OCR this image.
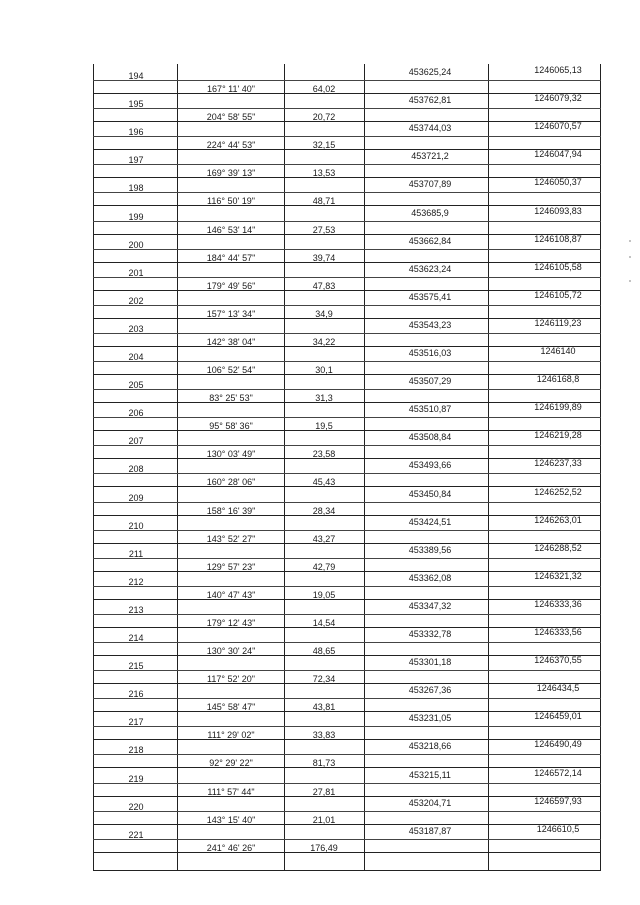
194	453625,24	1246065,13
167° 11' 40"	64,02
195	453762,81	1246079,32
204° 58' 55"	20,72
196	453744,03	1246070,57
224° 44' 53"	32,15
197	453721,2	1246047,94
169° 39' 13"	13,53
198	453707,89	1246050,37
116° 50' 19"	48,71
199	453685,9	1246093,83
146° 53' 14"	27,53
200	453662,84	1246108,87
184° 44' 57"	39,74
201	453623,24	1246105,58
179° 49' 56"	47,83
202	453575,41	1246105,72
157° 13' 34"	34,9
203	453543,23	1246119,23
142° 38' 04"	34,22
204	453516,03	1246140
106° 52' 54"	30,1
205	453507,29	1246168,8
83° 25' 53"	31,3
206	453510,87	1246199,89
95° 58' 36"	19,5
207	453508,84	1246219,28
130° 03' 49"	23,58
208	453493,66	1246237,33
160° 28' 06"	45,43
209	453450,84	1246252,52
158° 16' 39"	28,34
210	453424,51	1246263,01
143° 52' 27"	43,27
211	453389,56	1246288,52
129° 57' 23"	42,79
212	453362,08	1246321,32
140° 47' 43"	19,05
213	453347,32	1246333,36
179° 12' 43"	14,54
214	453332,78	1246333,56
130° 30' 24"	48,65
215	453301,18	1246370,55
117° 52' 20"	72,34
216	453267,36	1246434,5
145° 58' 47"	43,81
217	453231,05	1246459,01
111° 29' 02"	33,83
218	453218,66	1246490,49
92° 29' 22"	81,73
219	453215,11	1246572,14
111° 57' 44"	27,81
220	453204,71	1246597,93
143° 15' 40"	21,01
221	453187,87	1246610,5
241° 46' 26"	176,49
